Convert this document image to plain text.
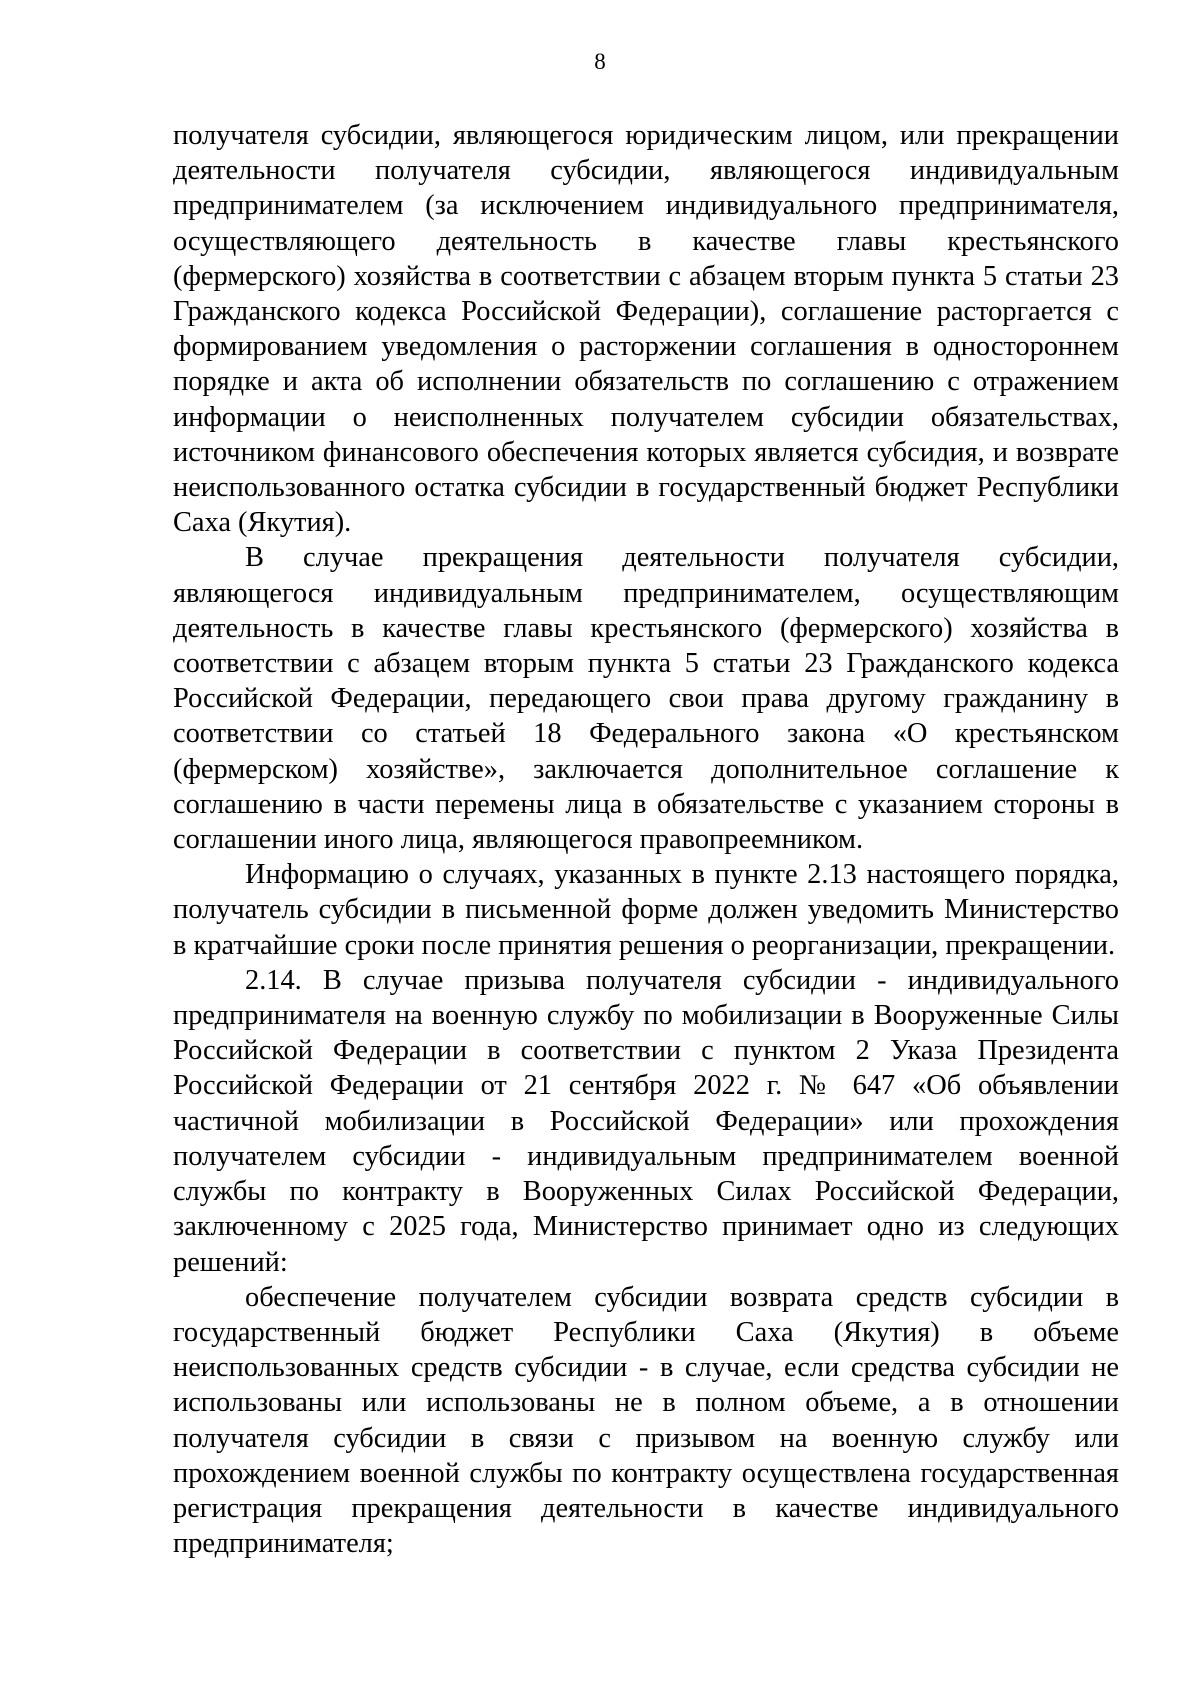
8

получателя субсидии, являющегося юридическим лицом, или прекращении деятельности получателя субсидии, являющегося индивидуальным предпринимателем (за исключением индивидуального предпринимателя, осуществляющего деятельность в качестве главы крестьянского (фермерского) хозяйства в соответствии с абзацем вторым пункта 5 статьи 23 Гражданского кодекса Российской Федерации), соглашение расторгается с формированием уведомления о расторжении соглашения в одностороннем порядке и акта об исполнении обязательств по соглашению с отражением информации о неисполненных получателем субсидии обязательствах, источником финансового обеспечения которых является субсидия, и возврате неиспользованного остатка субсидии в государственный бюджет Республики Саха (Якутия).

В случае прекращения деятельности получателя субсидии, являющегося индивидуальным предпринимателем, осуществляющим деятельность в качестве главы крестьянского (фермерского) хозяйства в соответствии с абзацем вторым пункта 5 статьи 23 Гражданского кодекса Российской Федерации, передающего свои права другому гражданину в соответствии со статьей 18 Федерального закона «О крестьянском (фермерском) хозяйстве», заключается дополнительное соглашение к соглашению в части перемены лица в обязательстве с указанием стороны в соглашении иного лица, являющегося правопреемником.

Информацию о случаях, указанных в пункте 2.13 настоящего порядка, получатель субсидии в письменной форме должен уведомить Министерство в кратчайшие сроки после принятия решения о реорганизации, прекращении.

2.14. В случае призыва получателя субсидии - индивидуального предпринимателя на военную службу по мобилизации в Вооруженные Силы Российской Федерации в соответствии с пунктом 2 Указа Президента Российской Федерации от 21 сентября 2022 г. № 647 «Об объявлении частичной мобилизации в Российской Федерации» или прохождения получателем субсидии - индивидуальным предпринимателем военной службы по контракту в Вооруженных Силах Российской Федерации, заключенному с 2025 года, Министерство принимает одно из следующих решений:

обеспечение получателем субсидии возврата средств субсидии в государственный бюджет Республики Саха (Якутия) в объеме неиспользованных средств субсидии - в случае, если средства субсидии не использованы или использованы не в полном объеме, а в отношении получателя субсидии в связи с призывом на военную службу или прохождением военной службы по контракту осуществлена государственная регистрация прекращения деятельности в качестве индивидуального предпринимателя;
